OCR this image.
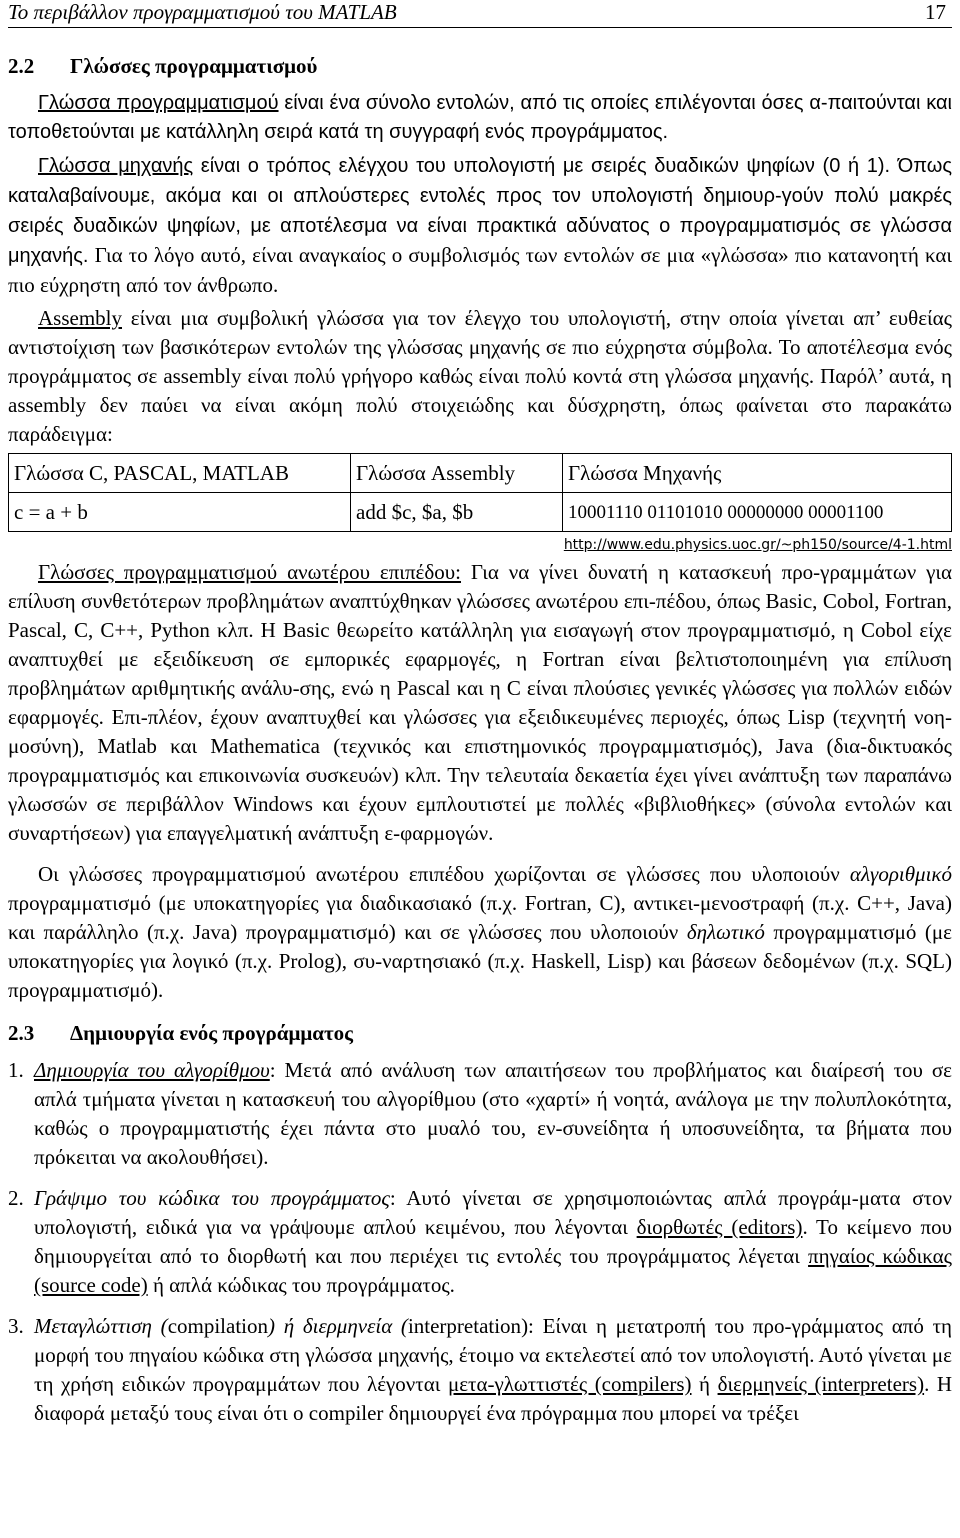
Το περιβάλλον προγραμματισμού του MATLAB	17
2.2 Γλώσσες προγραμματισμού

Γλώσσα προγραμματισμού είναι ένα σύνολο εντολών, από τις οποίες επιλέγονται όσες α-παιτούνται και τοποθετούνται με κατάλληλη σειρά κατά τη συγγραφή ενός προγράμματος.

Γλώσσα μηχανής είναι ο τρόπος ελέγχου του υπολογιστή με σειρές δυαδικών ψηφίων (0 ή 1). Όπως καταλαβαίνουμε, ακόμα και οι απλούστερες εντολές προς τον υπολογιστή δημιουρ-γούν πολύ μακρές σειρές δυαδικών ψηφίων, με αποτέλεσμα να είναι πρακτικά αδύνατος ο προγραμματισμός σε γλώσσα μηχανής. Για το λόγο αυτό, είναι αναγκαίος ο συμβολισμός των εντολών σε μια «γλώσσα» πιο κατανοητή και πιο εύχρηστη από τον άνθρωπο.

Assembly είναι μια συμβολική γλώσσα για τον έλεγχο του υπολογιστή, στην οποία γίνεται απ’ ευθείας αντιστοίχιση των βασικότερων εντολών της γλώσσας μηχανής σε πιο εύχρηστα σύμβολα. Το αποτέλεσμα ενός προγράμματος σε assembly είναι πολύ γρήγορο καθώς είναι πολύ κοντά στη γλώσσα μηχανής. Παρόλ’ αυτά, η assembly δεν παύει να είναι ακόμη πολύ στοιχειώδης και δύσχρηστη, όπως φαίνεται στο παρακάτω παράδειγμα:

Γλώσσα C, PASCAL, MATLAB	Γλώσσα Assembly	Γλώσσα Μηχανής
c = a + b	add $c, $a, $b	10001110 01101010 00000000 00001100
http://www.edu.physics.uoc.gr/~ph150/source/4-1.html

Γλώσσες προγραμματισμού ανωτέρου επιπέδου: Για να γίνει δυνατή η κατασκευή προ-γραμμάτων για επίλυση συνθετότερων προβλημάτων αναπτύχθηκαν γλώσσες ανωτέρου επι-πέδου, όπως Basic, Cobol, Fortran, Pascal, C, C++, Python κλπ. Η Basic θεωρείτο κατάλληλη για εισαγωγή στον προγραμματισμό, η Cobol είχε αναπτυχθεί με εξειδίκευση σε εμπορικές εφαρμογές, η Fortran είναι βελτιστοποιημένη για επίλυση προβλημάτων αριθμητικής ανάλυ-σης, ενώ η Pascal και η C είναι πλούσιες γενικές γλώσσες για πολλών ειδών εφαρμογές. Επι-πλέον, έχουν αναπτυχθεί και γλώσσες για εξειδικευμένες περιοχές, όπως Lisp (τεχνητή νοη-μοσύνη), Matlab και Mathematica (τεχνικός και επιστημονικός προγραμματισμός), Java (δια-δικτυακός προγραμματισμός και επικοινωνία συσκευών) κλπ. Την τελευταία δεκαετία έχει γίνει ανάπτυξη των παραπάνω γλωσσών σε περιβάλλον Windows και έχουν εμπλουτιστεί με πολλές «βιβλιοθήκες» (σύνολα εντολών και συναρτήσεων) για επαγγελματική ανάπτυξη ε-φαρμογών.

Οι γλώσσες προγραμματισμού ανωτέρου επιπέδου χωρίζονται σε γλώσσες που υλοποιούν αλγοριθμικό προγραμματισμό (με υποκατηγορίες για διαδικασιακό (π.χ. Fortran, C), αντικει-μενοστραφή (π.χ. C++, Java) και παράλληλο (π.χ. Java) προγραμματισμό) και σε γλώσσες που υλοποιούν δηλωτικό προγραμματισμό (με υποκατηγορίες για λογικό (π.χ. Prolog), συ-ναρτησιακό (π.χ. Haskell, Lisp) και βάσεων δεδομένων (π.χ. SQL) προγραμματισμό).

2.3 Δημιουργία ενός προγράμματος
1. Δημιουργία του αλγορίθμου: Μετά από ανάλυση των απαιτήσεων του προβλήματος και διαίρεσή του σε απλά τμήματα γίνεται η κατασκευή του αλγορίθμου (στο «χαρτί» ή νοητά, ανάλογα με την πολυπλοκότητα, καθώς ο προγραμματιστής έχει πάντα στο μυαλό του, εν-συνείδητα ή υποσυνείδητα, τα βήματα που πρόκειται να ακολουθήσει).
2. Γράψιμο του κώδικα του προγράμματος: Αυτό γίνεται σε χρησιμοποιώντας απλά προγράμ-ματα στον υπολογιστή, ειδικά για να γράψουμε απλού κειμένου, που λέγονται διορθωτές (editors). Το κείμενο που δημιουργείται από το διορθωτή και που περιέχει τις εντολές του προγράμματος λέγεται πηγαίος κώδικας (source code) ή απλά κώδικας του προγράμματος.
3. Μεταγλώττιση (compilation) ή διερμηνεία (interpretation): Είναι η μετατροπή του προ-γράμματος από τη μορφή του πηγαίου κώδικα στη γλώσσα μηχανής, έτοιμο να εκτελεστεί από τον υπολογιστή. Αυτό γίνεται με τη χρήση ειδικών προγραμμάτων που λέγονται μετα-γλωττιστές (compilers) ή διερμηνείς (interpreters). Η διαφορά μεταξύ τους είναι ότι ο compiler δημιουργεί ένα πρόγραμμα που μπορεί να τρέξει
